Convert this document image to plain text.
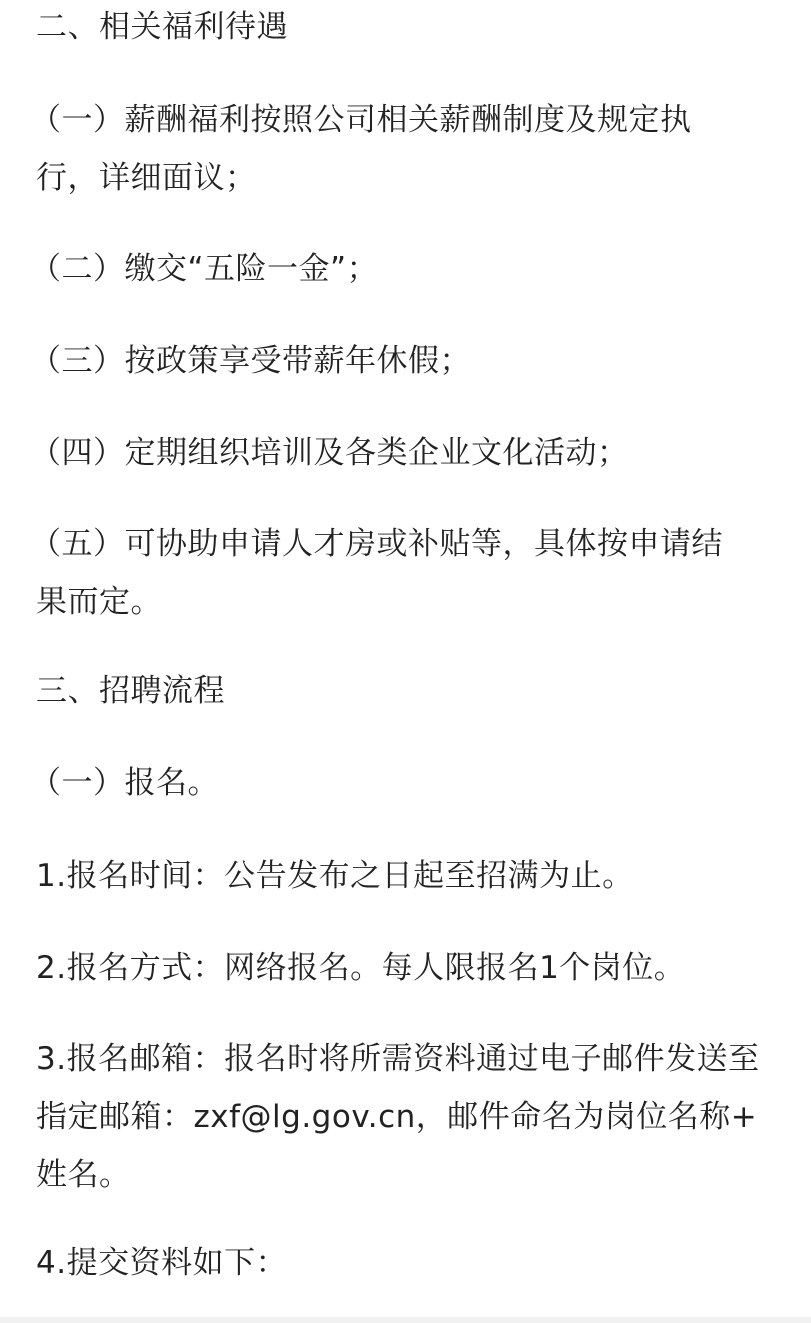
二、相关福利待遇
（一）薪酬福利按照公司相关薪酬制度及规定执
行，详细面议；
（二）缴交“五险一金”；
（三）按政策享受带薪年休假；
（四）定期组织培训及各类企业文化活动；
（五）可协助申请人才房或补贴等，具体按申请结
果而定。
三、招聘流程
（一）报名。
1.报名时间：公告发布之日起至招满为止。
2.报名方式：网络报名。每人限报名1个岗位。
3.报名邮箱：报名时将所需资料通过电子邮件发送至
指定邮箱：zxf@lg.gov.cn，邮件命名为岗位名称+
姓名。
4.提交资料如下：
